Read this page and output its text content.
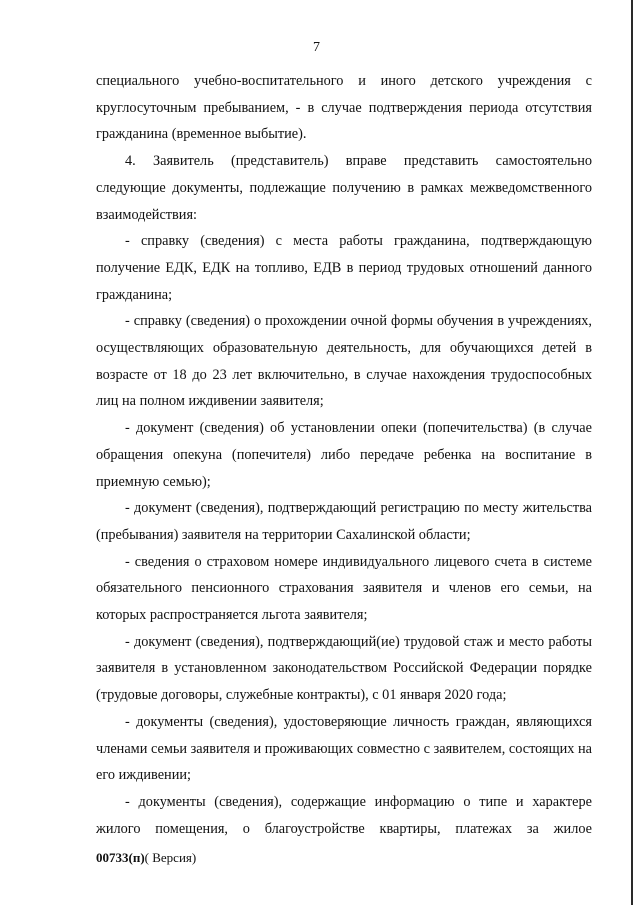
7

специального учебно-воспитательного и иного детского учреждения с круглосуточным пребыванием, - в случае подтверждения периода отсутствия гражданина (временное выбытие).

4. Заявитель (представитель) вправе представить самостоятельно следующие документы, подлежащие получению в рамках межведомственного взаимодействия:

- справку (сведения) с места работы гражданина, подтверждающую получение ЕДК, ЕДК на топливо, ЕДВ в период трудовых отношений данного гражданина;

- справку (сведения) о прохождении очной формы обучения в учреждениях, осуществляющих образовательную деятельность, для обучающихся детей в возрасте от 18 до 23 лет включительно, в случае нахождения трудоспособных лиц на полном иждивении заявителя;

- документ (сведения) об установлении опеки (попечительства) (в случае обращения опекуна (попечителя) либо передаче ребенка на воспитание в приемную семью);

- документ (сведения), подтверждающий регистрацию по месту жительства (пребывания) заявителя на территории Сахалинской области;

- сведения о страховом номере индивидуального лицевого счета в системе обязательного пенсионного страхования заявителя и членов его семьи, на которых распространяется льгота заявителя;

- документ (сведения), подтверждающий(ие) трудовой стаж и место работы заявителя в установленном законодательством Российской Федерации порядке (трудовые договоры, служебные контракты), с 01 января 2020 года;

- документы (сведения), удостоверяющие личность граждан, являющихся членами семьи заявителя и проживающих совместно с заявителем, состоящих на его иждивении;

- документы (сведения), содержащие информацию о типе и характере жилого помещения, о благоустройстве квартиры, платежах за жилое

00733(п)( Версия)
